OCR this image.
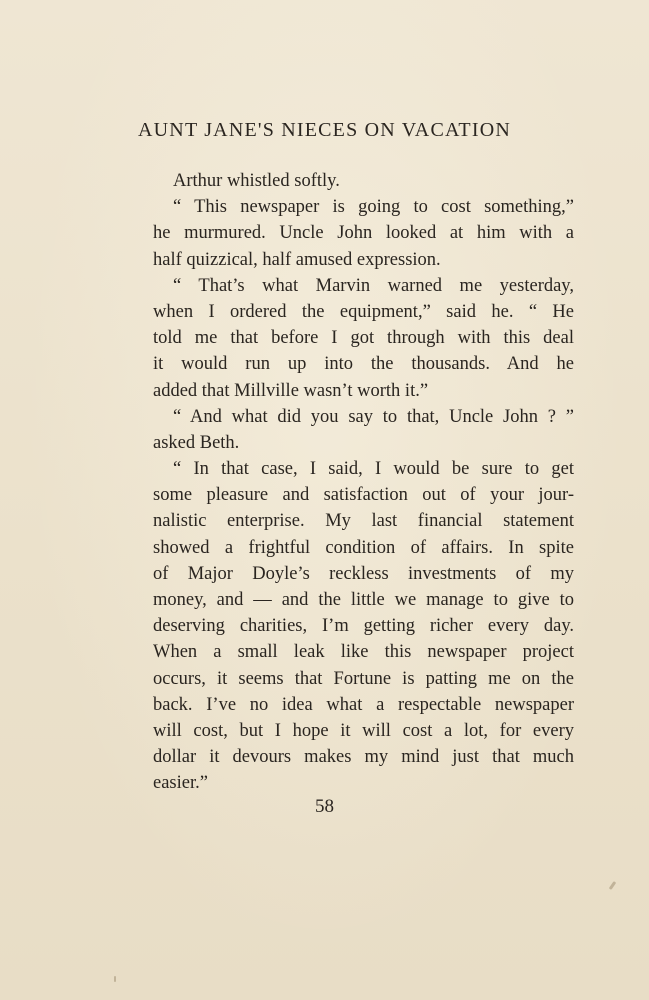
AUNT JANE'S NIECES ON VACATION
Arthur whistled softly.
“ This newspaper is going to cost something,”
he murmured. Uncle John looked at him with a
half quizzical, half amused expression.
“ That’s what Marvin warned me yesterday,
when I ordered the equipment,” said he. “ He
told me that before I got through with this deal
it would run up into the thousands. And he
added that Millville wasn’t worth it.”
“ And what did you say to that, Uncle John ? ”
asked Beth.
“ In that case, I said, I would be sure to get
some pleasure and satisfaction out of your jour-
nalistic enterprise. My last financial statement
showed a frightful condition of affairs. In spite
of Major Doyle’s reckless investments of my
money, and — and the little we manage to give to
deserving charities, I’m getting richer every day.
When a small leak like this newspaper project
occurs, it seems that Fortune is patting me on the
back. I’ve no idea what a respectable newspaper
will cost, but I hope it will cost a lot, for every
dollar it devours makes my mind just that much
easier.”
58
